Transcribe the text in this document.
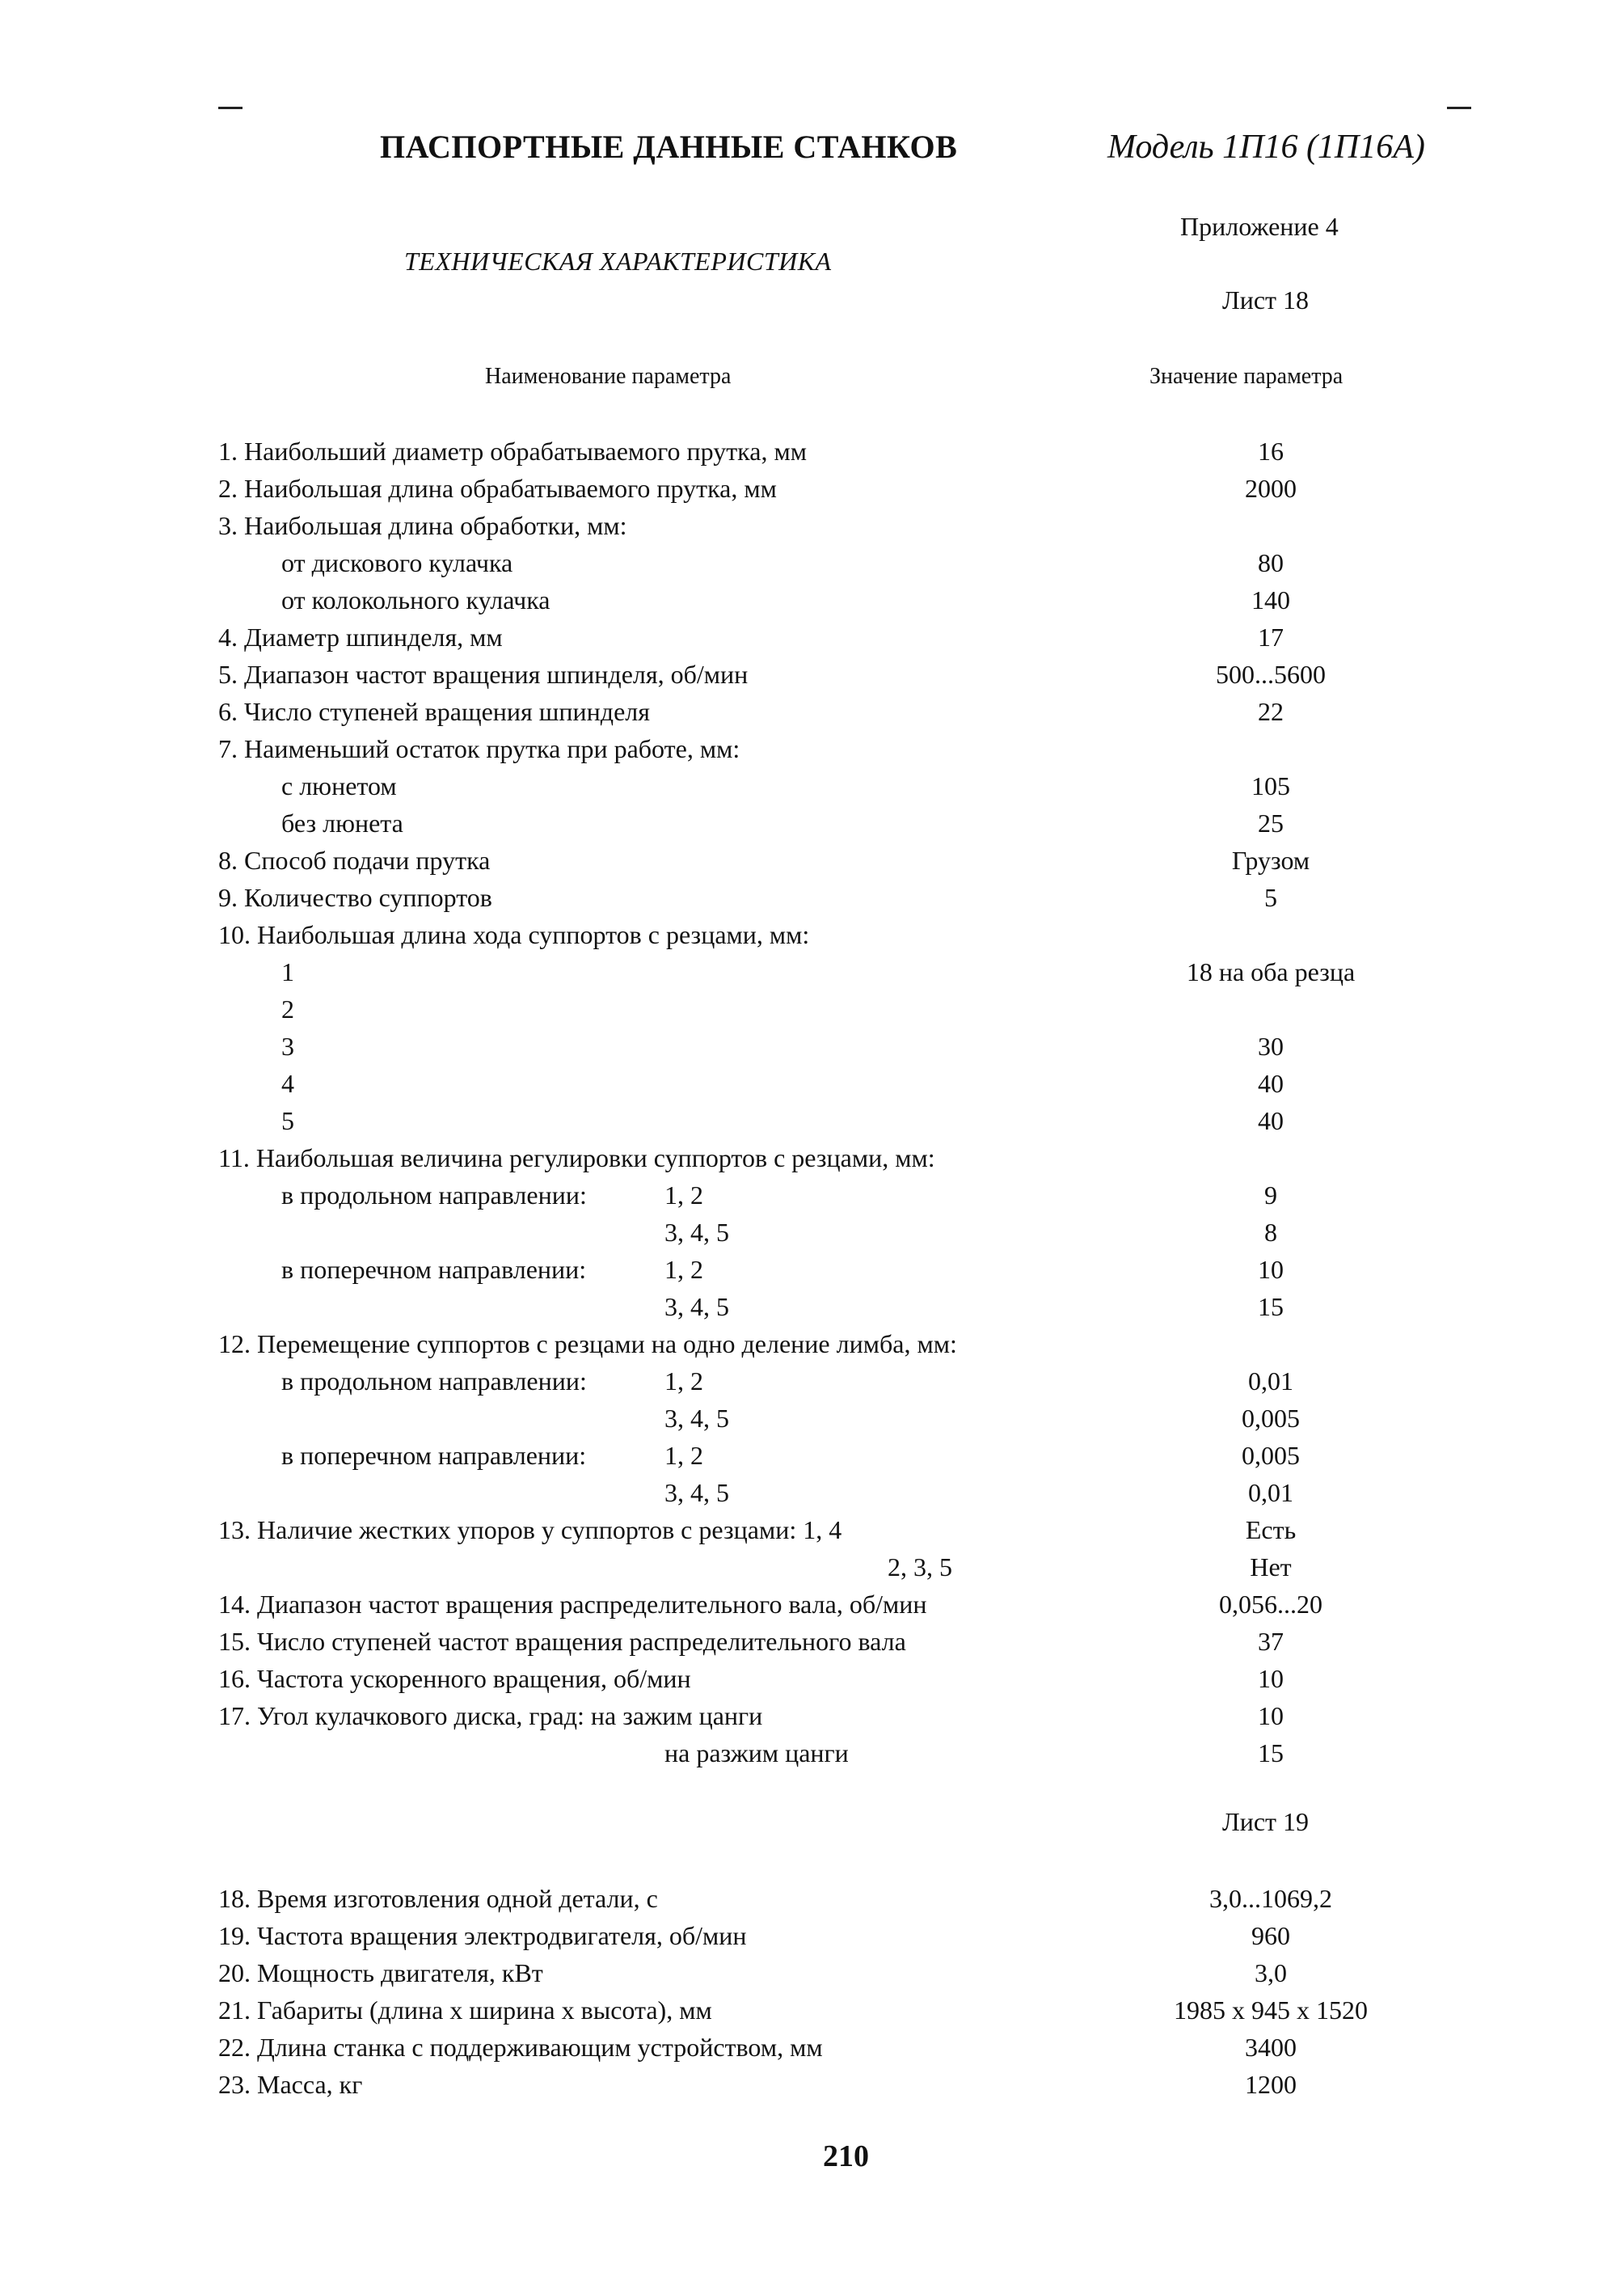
ПАСПОРТНЫЕ ДАННЫЕ СТАНКОВ	Модель 1П16 (1П16А)
Приложение 4
ТЕХНИЧЕСКАЯ ХАРАКТЕРИСТИКА
Лист 18
Наименование параметра	Значение параметра
1. Наибольший диаметр обрабатываемого прутка, мм	16
2. Наибольшая длина обрабатываемого прутка, мм	2000
3. Наибольшая длина обработки, мм:
от дискового кулачка	80
от колокольного кулачка	140
4. Диаметр шпинделя, мм	17
5. Диапазон частот вращения шпинделя, об/мин	500...5600
6. Число ступеней вращения шпинделя	22
7. Наименьший остаток прутка при работе, мм:
с люнетом	105
без люнета	25
8. Способ подачи прутка	Грузом
9. Количество суппортов	5
10. Наибольшая длина хода суппортов с резцами, мм:
1	18 на оба резца
2
3	30
4	40
5	40
11. Наибольшая величина регулировки суппортов с резцами, мм:
в продольном направлении:	1, 2	9
3, 4, 5	8
в поперечном направлении:	1, 2	10
3, 4, 5	15
12. Перемещение суппортов с резцами на одно деление лимба, мм:
в продольном направлении:	1, 2	0,01
3, 4, 5	0,005
в поперечном направлении:	1, 2	0,005
3, 4, 5	0,01
13. Наличие жестких упоров у суппортов с резцами: 1, 4	Есть
2, 3, 5	Нет
14. Диапазон частот вращения распределительного вала, об/мин	0,056...20
15. Число ступеней частот вращения распределительного вала	37
16. Частота ускоренного вращения, об/мин	10
17. Угол кулачкового диска, град: на зажим цанги	10
на разжим цанги	15
18. Время изготовления одной детали, с	3,0...1069,2
19. Частота вращения электродвигателя, об/мин	960
20. Мощность двигателя, кВт	3,0
21. Габариты (длина х ширина х высота), мм	1985 х 945 х 1520
22. Длина станка с поддерживающим устройством, мм	3400
23. Масса, кг	1200
Лист 19
210
